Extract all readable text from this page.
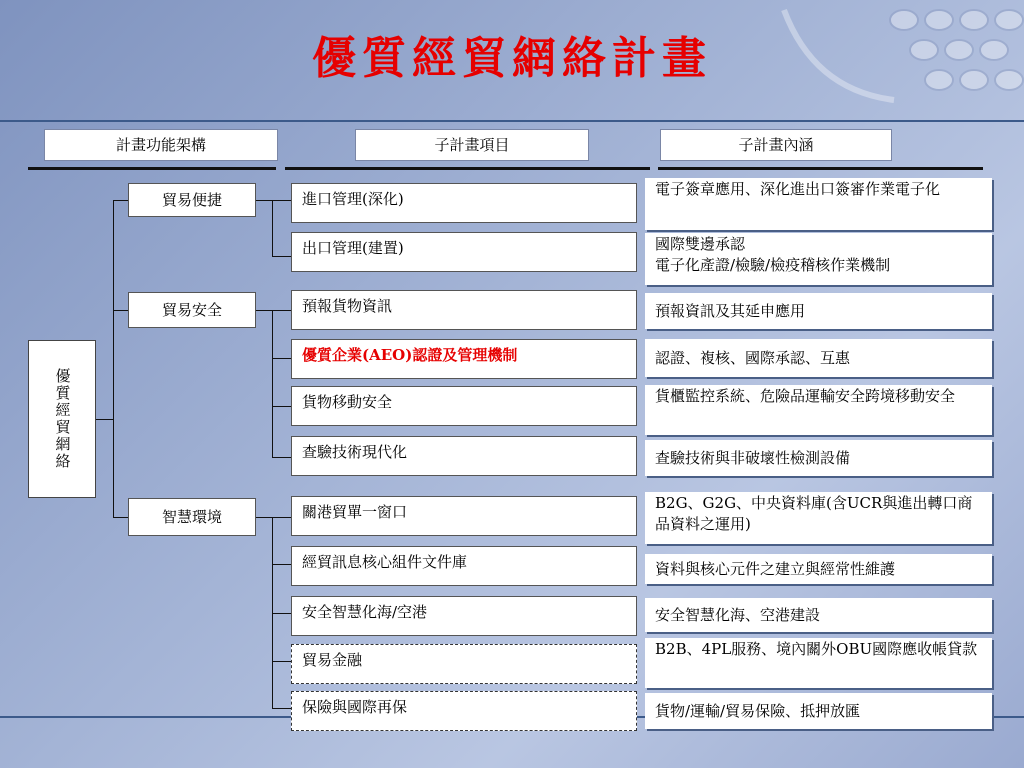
優質經貿網絡計畫
計畫功能架構	子計畫項目	子計畫內涵
優質經貿網絡
貿易便捷
貿易安全
智慧環境
進口管理(深化)
出口管理(建置)
預報貨物資訊
優質企業(AEO)認證及管理機制
貨物移動安全
查驗技術現代化
關港貿單一窗口
經貿訊息核心組件文件庫
安全智慧化海/空港
貿易金融
保險與國際再保
電子簽章應用、深化進出口簽審作業電子化
國際雙邊承認
電子化產證/檢驗/檢疫稽核作業機制
預報資訊及其延申應用
認證、複核、國際承認、互惠
貨櫃監控系統、危險品運輸安全跨境移動安全
查驗技術與非破壞性檢測設備
B2G、G2G、中央資料庫(含UCR與進出轉口商品資料之運用)
資料與核心元件之建立與經常性維護
安全智慧化海、空港建設
B2B、4PL服務、境內關外OBU國際應收帳貸款
貨物/運輸/貿易保險、抵押放匯
